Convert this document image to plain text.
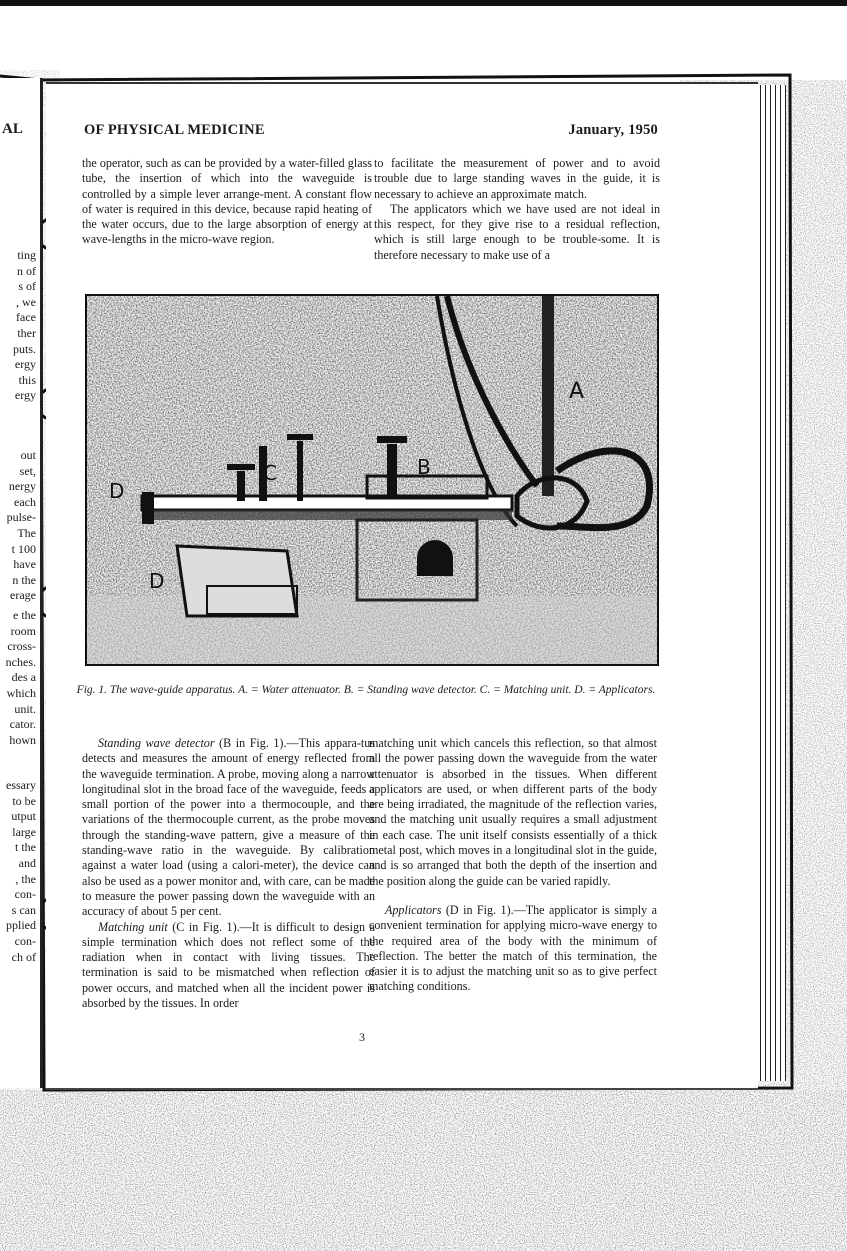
AL
ting
n of
s of
, we
face
ther
puts.
ergy
this
ergy
out
set,
nergy
each
pulse-
The
t 100
have
n the
erage
e the
room
cross-
nches.
des a
which
unit.
cator.
hown
essary
to be
utput
large
t the
and
, the
con-
s can
pplied
con-
ch of
OF PHYSICAL MEDICINE	January, 1950

the operator, such as can be provided by a water-filled glass tube, the insertion of which into the waveguide is controlled by a simple lever arrange-ment. A constant flow of water is required in this device, because rapid heating of the water occurs, due to the large absorption of energy at wave-lengths in the micro-wave region.

to facilitate the measurement of power and to avoid trouble due to large standing waves in the guide, it is necessary to achieve an approximate match.

The applicators which we have used are not ideal in this respect, for they give rise to a residual reflection, which is still large enough to be trouble-some. It is therefore necessary to make use of a

A
B
C
D
D
Fig. 1. The wave-guide apparatus. A. = Water attenuator. B. = Standing wave detector. C. = Matching unit. D. = Applicators.

Standing wave detector (B in Fig. 1).—This appara-tus detects and measures the amount of energy reflected from the waveguide termination. A probe, moving along a narrow longitudinal slot in the broad face of the waveguide, feeds a small portion of the power into a thermocouple, and the variations of the thermocouple current, as the probe moves through the standing-wave pattern, give a measure of the standing-wave ratio in the waveguide. By calibration against a water load (using a calori-meter), the device can also be used as a power monitor and, with care, can be made to measure the power passing down the waveguide with an accuracy of about 5 per cent.

Matching unit (C in Fig. 1).—It is difficult to design a simple termination which does not reflect some of the radiation when in contact with living tissues. The termination is said to be mismatched when reflection of power occurs, and matched when all the incident power is absorbed by the tissues. In order

matching unit which cancels this reflection, so that almost all the power passing down the waveguide from the water attenuator is absorbed in the tissues. When different applicators are used, or when different parts of the body are being irradiated, the magnitude of the reflection varies, and the matching unit usually requires a small adjustment in each case. The unit itself consists essentially of a thick metal post, which moves in a longitudinal slot in the guide, and is so arranged that both the depth of the insertion and the position along the guide can be varied rapidly.

Applicators (D in Fig. 1).—The applicator is simply a convenient termination for applying micro-wave energy to the required area of the body with the minimum of reflection. The better the match of this termination, the easier it is to adjust the matching unit so as to give perfect matching conditions.

3
